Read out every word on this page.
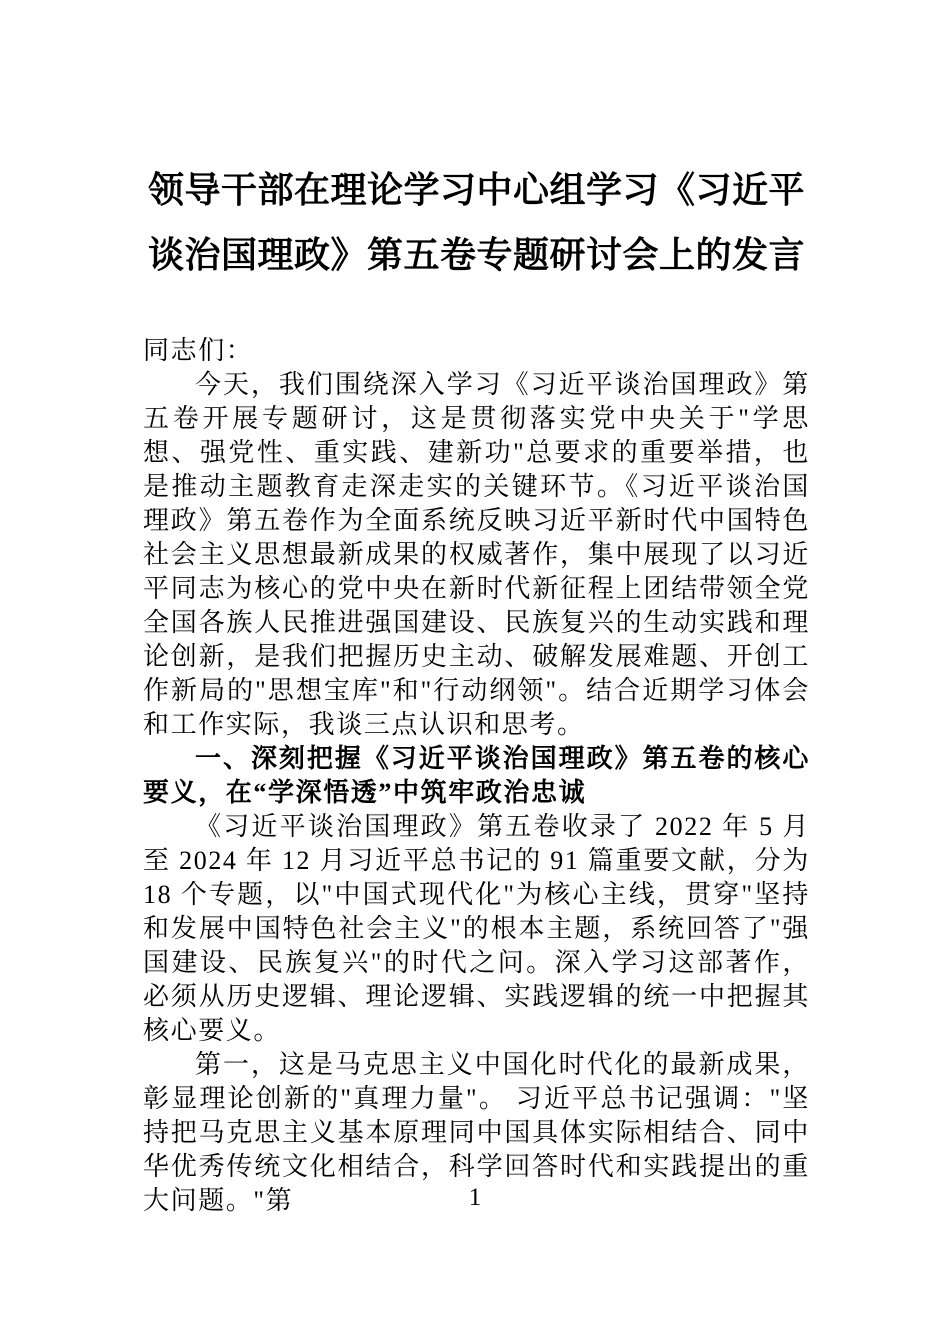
领导干部在理论学习中心组学习《习近平
谈治国理政》第五卷专题研讨会上的发言

同志们：

今天，我们围绕深入学习《习近平谈治国理政》第五卷开展专题研讨，这是贯彻落实党中央关于"学思想、强党性、重实践、建新功"总要求的重要举措，也是推动主题教育走深走实的关键环节。《习近平谈治国理政》第五卷作为全面系统反映习近平新时代中国特色社会主义思想最新成果的权威著作，集中展现了以习近平同志为核心的党中央在新时代新征程上团结带领全党全国各族人民推进强国建设、民族复兴的生动实践和理论创新，是我们把握历史主动、破解发展难题、开创工作新局的"思想宝库"和"行动纲领"。结合近期学习体会和工作实际，我谈三点认识和思考。

一、深刻把握《习近平谈治国理政》第五卷的核心要义，在“学深悟透”中筑牢政治忠诚

《习近平谈治国理政》第五卷收录了 2022 年 5 月至 2024 年 12 月习近平总书记的 91 篇重要文献，分为 18 个专题，以"中国式现代化"为核心主线，贯穿"坚持和发展中国特色社会主义"的根本主题，系统回答了"强国建设、民族复兴"的时代之问。深入学习这部著作，必须从历史逻辑、理论逻辑、实践逻辑的统一中把握其核心要义。

第一，这是马克思主义中国化时代化的最新成果，彰显理论创新的"真理力量"。 习近平总书记强调："坚持把马克思主义基本原理同中国具体实际相结合、同中华优秀传统文化相结合，科学回答时代和实践提出的重大问题。"第	1
